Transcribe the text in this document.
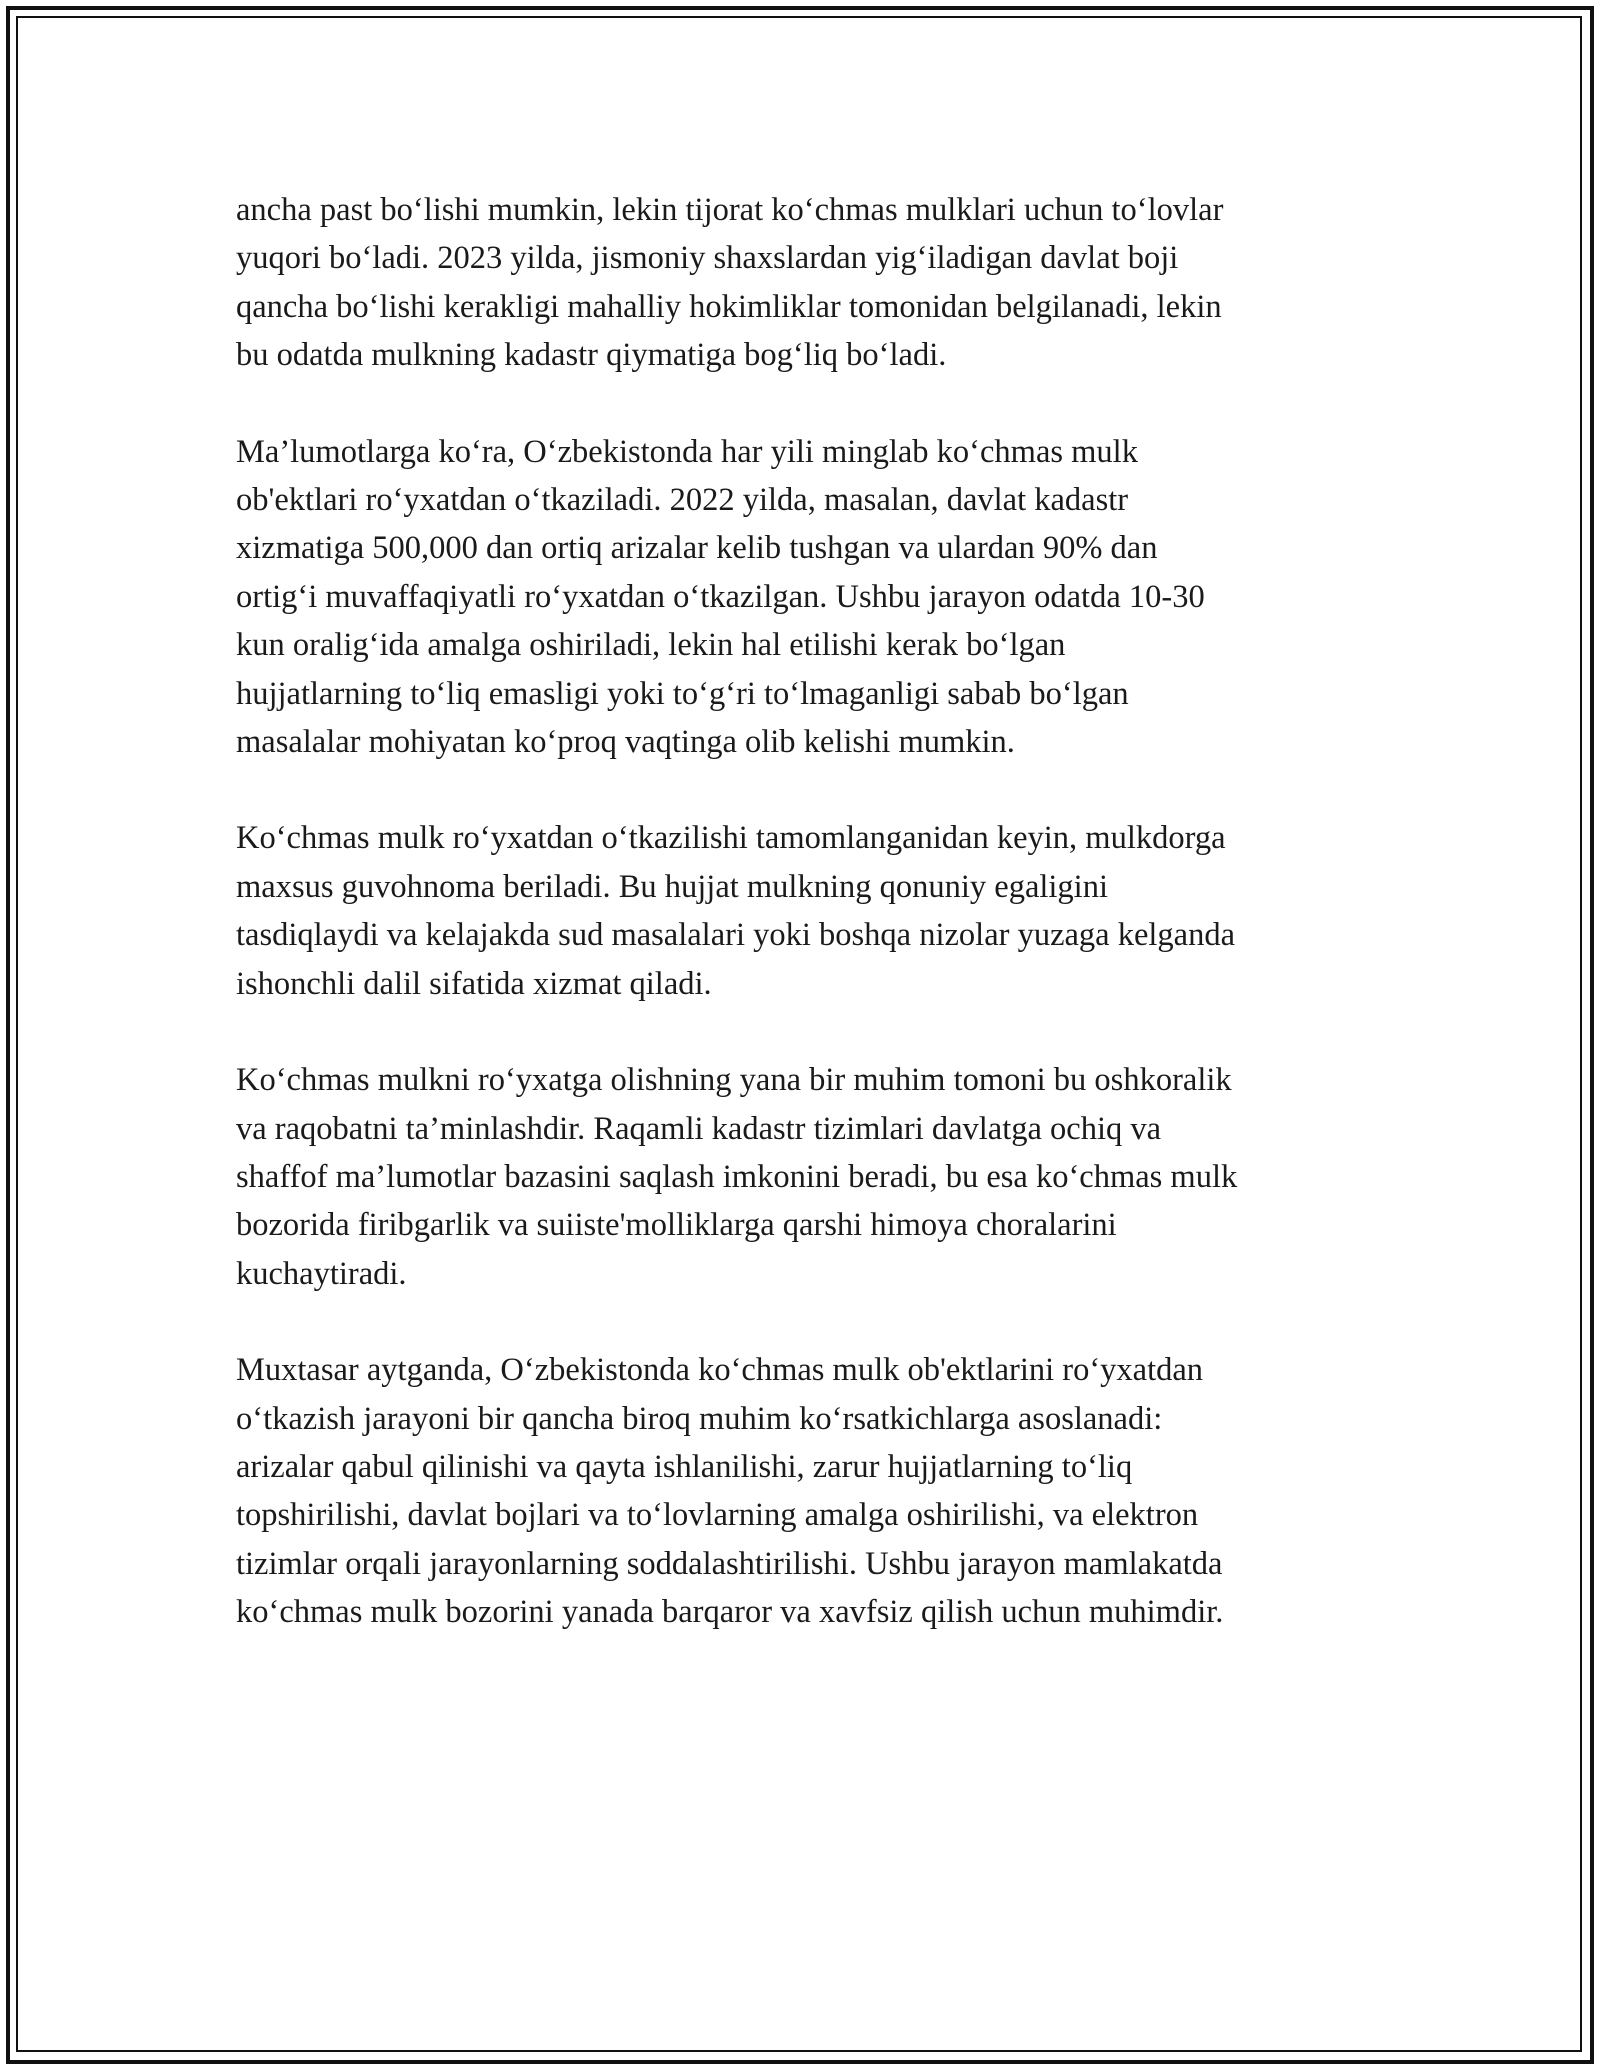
ancha past bo‘lishi mumkin, lekin tijorat ko‘chmas mulklari uchun to‘lovlar
yuqori bo‘ladi. 2023 yilda, jismoniy shaxslardan yig‘iladigan davlat boji
qancha bo‘lishi kerakligi mahalliy hokimliklar tomonidan belgilanadi, lekin
bu odatda mulkning kadastr qiymatiga bog‘liq bo‘ladi.

Ma’lumotlarga ko‘ra, O‘zbekistonda har yili minglab ko‘chmas mulk
ob'ektlari ro‘yxatdan o‘tkaziladi. 2022 yilda, masalan, davlat kadastr
xizmatiga 500,000 dan ortiq arizalar kelib tushgan va ulardan 90% dan
ortig‘i muvaffaqiyatli ro‘yxatdan o‘tkazilgan. Ushbu jarayon odatda 10-30
kun oralig‘ida amalga oshiriladi, lekin hal etilishi kerak bo‘lgan
hujjatlarning to‘liq emasligi yoki to‘g‘ri to‘lmaganligi sabab bo‘lgan
masalalar mohiyatan ko‘proq vaqtinga olib kelishi mumkin.

Ko‘chmas mulk ro‘yxatdan o‘tkazilishi tamomlanganidan keyin, mulkdorga
maxsus guvohnoma beriladi. Bu hujjat mulkning qonuniy egaligini
tasdiqlaydi va kelajakda sud masalalari yoki boshqa nizolar yuzaga kelganda
ishonchli dalil sifatida xizmat qiladi.

Ko‘chmas mulkni ro‘yxatga olishning yana bir muhim tomoni bu oshkoralik
va raqobatni ta’minlashdir. Raqamli kadastr tizimlari davlatga ochiq va
shaffof ma’lumotlar bazasini saqlash imkonini beradi, bu esa ko‘chmas mulk
bozorida firibgarlik va suiiste'molliklarga qarshi himoya choralarini
kuchaytiradi.

Muxtasar aytganda, O‘zbekistonda ko‘chmas mulk ob'ektlarini ro‘yxatdan
o‘tkazish jarayoni bir qancha biroq muhim ko‘rsatkichlarga asoslanadi:
arizalar qabul qilinishi va qayta ishlanilishi, zarur hujjatlarning to‘liq
topshirilishi, davlat bojlari va to‘lovlarning amalga oshirilishi, va elektron
tizimlar orqali jarayonlarning soddalashtirilishi. Ushbu jarayon mamlakatda
ko‘chmas mulk bozorini yanada barqaror va xavfsiz qilish uchun muhimdir.
